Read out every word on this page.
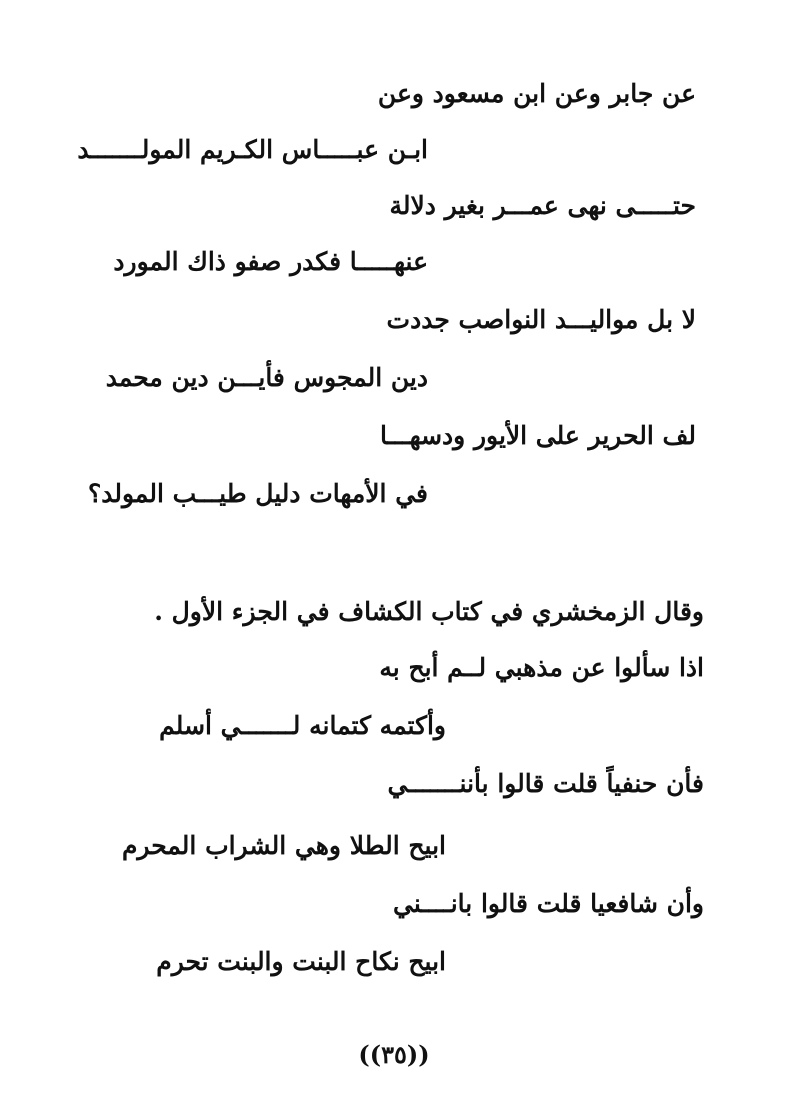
عن جابر وعن ابن مسعود وعن
ابـن عبـــــاس الكـريم المولـــــــد
حتـــــى نهى عمـــر بغير دلالة
عنهـــــا فكدر صفو ذاك المورد
لا بل مواليـــد النواصب جددت
دين المجوس فأيـــن دين محمد
لف الحرير على الأيور ودسهـــا
في الأمهات دليل طيـــب المولد؟
وقال الزمخشري في كتاب الكشاف في الجزء الأول .
اذا سألوا عن مذهبي لــم أبح به
وأكتمه كتمانه لـــــــي أسلم
فأن حنفياً قلت قالوا بأننـــــــي
ابيح الطلا وهي الشراب المحرم
وأن شافعيا قلت قالوا بانــــني
ابيح نكاح البنت والبنت تحرم
((٣٥))
